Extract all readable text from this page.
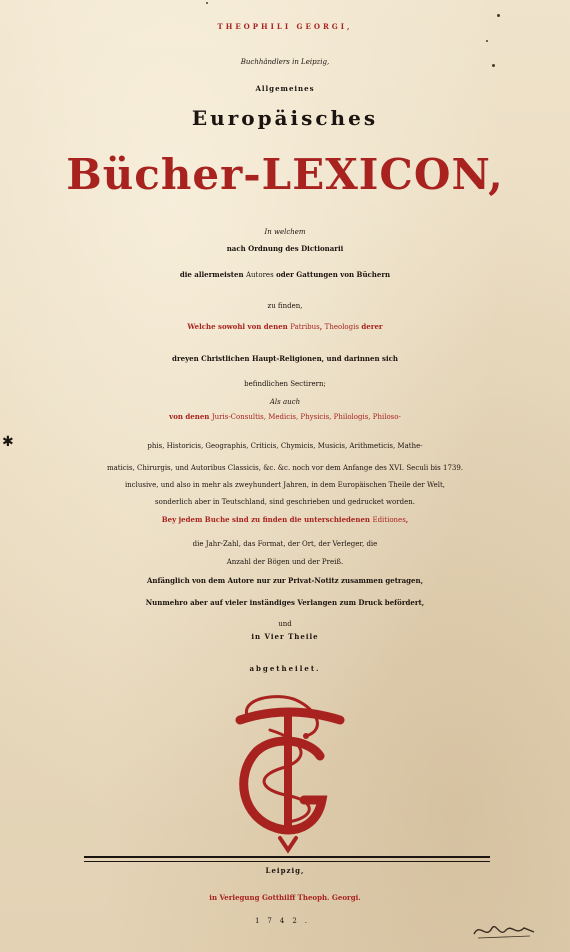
THEOPHILI GEORGI,
Buchhändlers in Leipzig,
Allgemeines
Europäisches
Bücher-LEXICON,
In welchem
nach Ordnung des Dictionarii
die allermeisten Autores oder Gattungen von Büchern
zu finden,
Welche sowohl von denen Patribus, Theologis derer
dreyen Christlichen Haupt-Religionen, und darinnen sich
befindlichen Sectirern;
Als auch
von denen Juris-Consultis, Medicis, Physicis, Philologis, Philoso-
phis, Historicis, Geographis, Criticis, Chymicis, Musicis, Arithmeticis, Mathe-
maticis, Chirurgis, und Autoribus Classicis, &c. &c. noch vor dem Anfange des XVI. Seculi bis 1739.
inclusive, und also in mehr als zweyhundert Jahren, in dem Europäischen Theile der Welt,
sonderlich aber in Teutschland, sind geschrieben und gedrucket worden.
Bey jedem Buche sind zu finden die unterschiedenen Editiones,
die Jahr-Zahl, das Format, der Ort, der Verleger, die
Anzahl der Bögen und der Preiß.
Anfänglich von dem Autore nur zur Privat-Notitz zusammen getragen,
Nunmehro aber auf vieler inständiges Verlangen zum Druck befördert,
und
in Vier Theile
abgetheilet.
Leipzig,
in Verlegung Gotthilff Theoph. Georgi.
1742.
✱
